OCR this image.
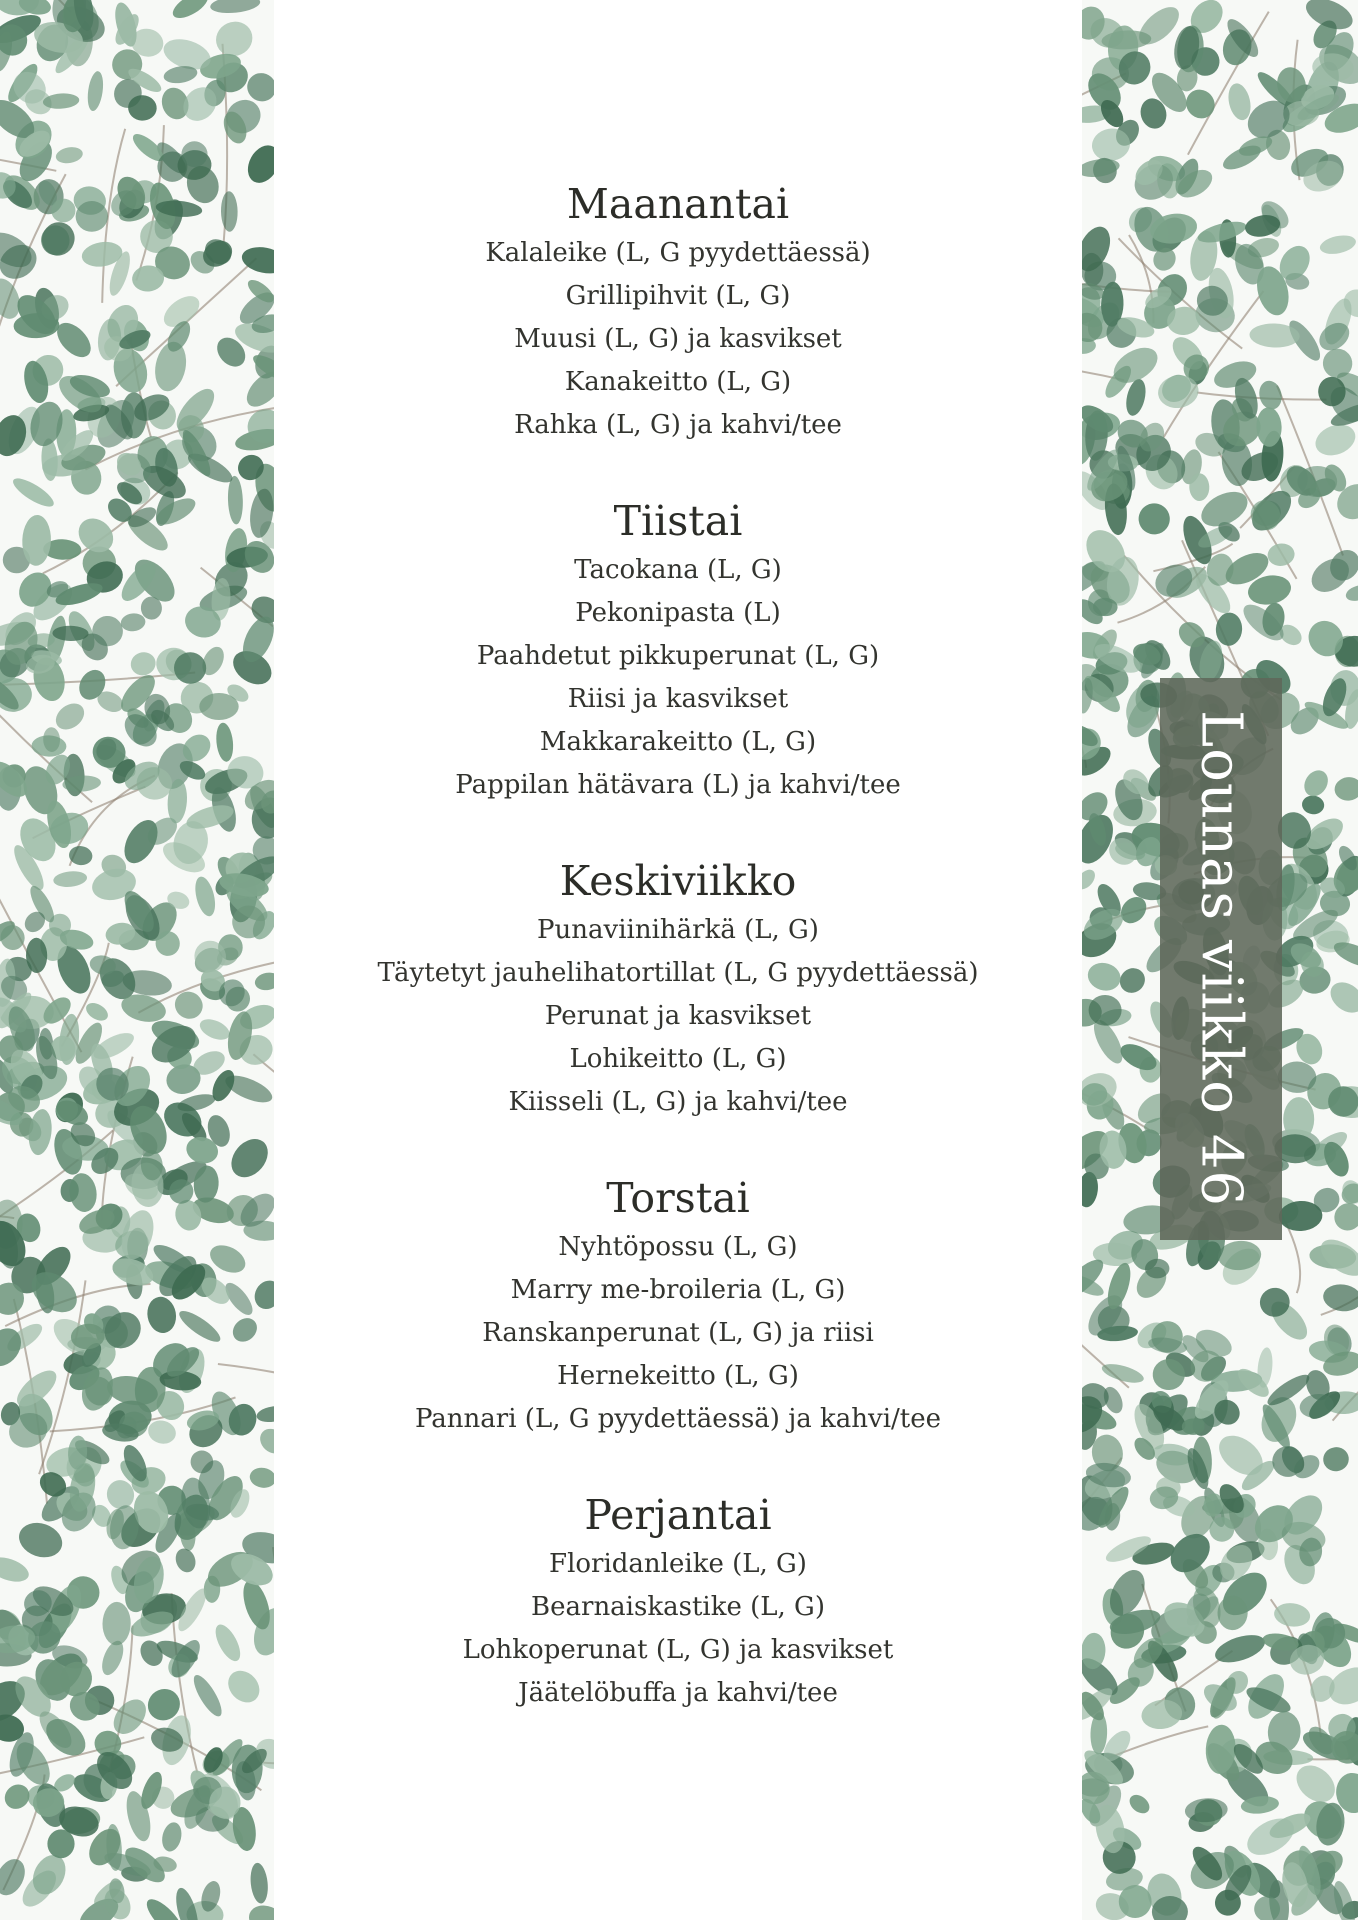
Maanantai
Kalaleike (L, G pyydettäessä)
Grillipihvit (L, G)
Muusi (L, G) ja kasvikset
Kanakeitto (L, G)
Rahka (L, G) ja kahvi/tee
Tiistai
Tacokana (L, G)
Pekonipasta (L)
Paahdetut pikkuperunat (L, G)
Riisi ja kasvikset
Makkarakeitto (L, G)
Pappilan hätävara (L) ja kahvi/tee
Keskiviikko
Punaviinihärkä (L, G)
Täytetyt jauhelihatortillat (L, G pyydettäessä)
Perunat ja kasvikset
Lohikeitto (L, G)
Kiisseli (L, G) ja kahvi/tee
Torstai
Nyhtöpossu (L, G)
Marry me-broileria (L, G)
Ranskanperunat (L, G) ja riisi
Hernekeitto (L, G)
Pannari (L, G pyydettäessä) ja kahvi/tee
Perjantai
Floridanleike (L, G)
Bearnaiskastike (L, G)
Lohkoperunat (L, G) ja kasvikset
Jäätelöbuffa ja kahvi/tee
Lounas viikko 46
